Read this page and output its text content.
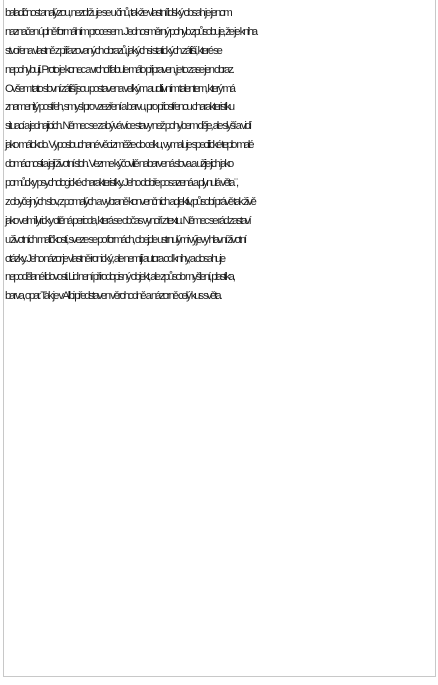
baladičnost analýzou, nezdržuje se u činů, takže vlastní lidský obsah je jenom
naznačen úplně formálním procesem. Jednosměrný pohyb způsobuje, že je kniha
stvořena vlastně z přiřazovaných obrazů, jakýchsi statických zátiší, které se
nepohybují. Proto je konec a vrchol fabule málo připraven, je to zase jen obraz.
Ovšem tato slovní zátiší jsou postavena velikým auditivním talentem, který má
znamenitý postřeh, smysl pro vzezření a barvu, pro přiostřenou charakteristiku
situací a jednajících. Němec se zabývá více stavy než pohybem děje, ale slyší a vidí
jako málokdo. Vyposlouchané věci změže do celku, vymaluje specifické teplo malé
domácnosti a její životní sloh. Vezme kýčovitě nabarvená slova a užije jich jako
pomůcky psychologické charakteristiky. Jeho dobře posazená a plynulá věta ¨,
z obyčejných slov, z pomalých a vybraně konvenčních adjektiv, působí právě tak živě
jako velmi lyricky cítěná perioda, která se občas vynoří z textu. Němec se rád zastaví
u životních maličkostí, sveze se po formách, obejde ustrnulými výjevy hlavní životní
otázky. Jeho názor je vlastně ironický, ale nemíjí autora od knihy, a dosahuje
nepodělané lidovosti. Lid není přírodopisný objekt, ale způsob myšlení, plastika,
barva, opar. Tak je v Alibi představen věrohodně a názorně celý kus světa.
